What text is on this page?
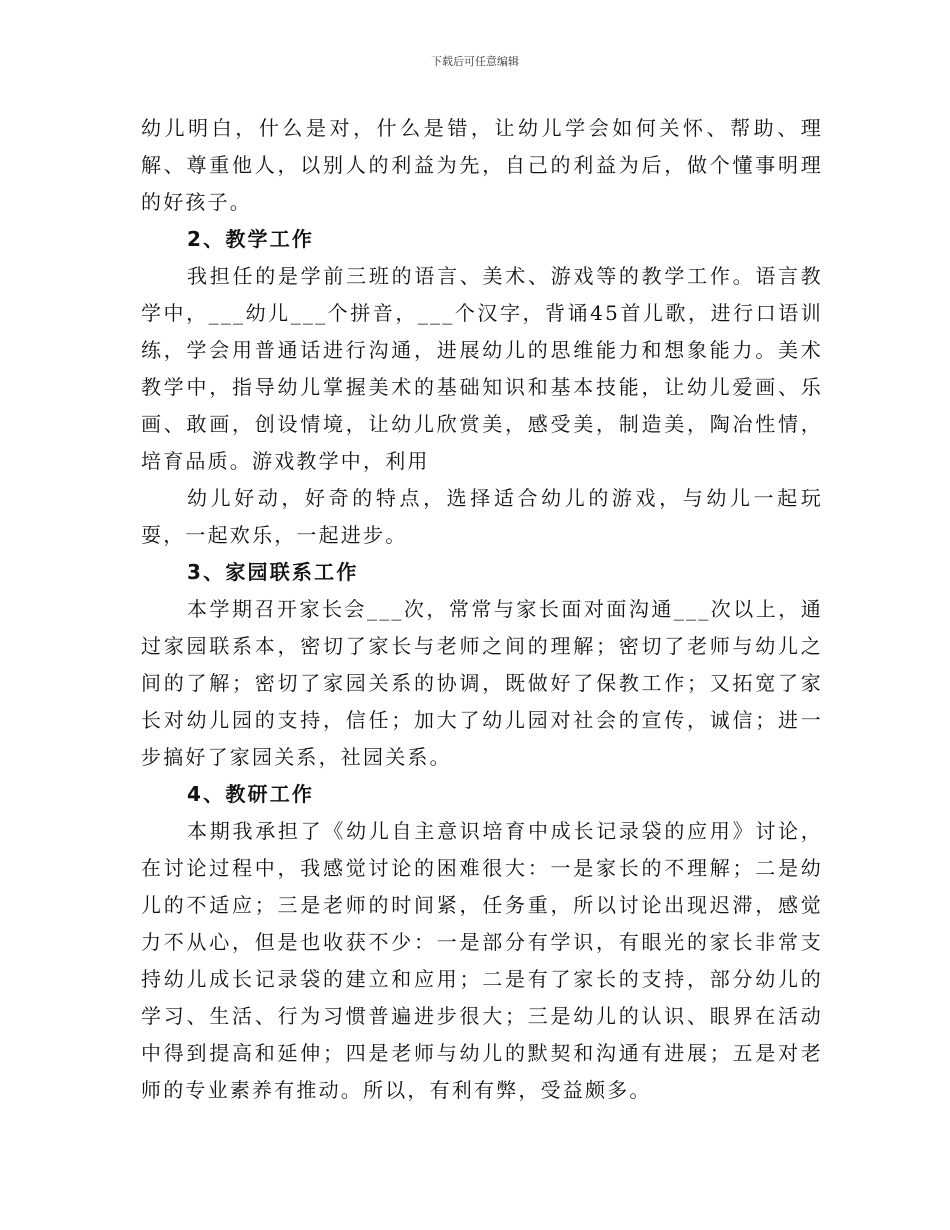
下载后可任意编辑

幼儿明白，什么是对，什么是错，让幼儿学会如何关怀、帮助、理解、尊重他人，以别人的利益为先，自己的利益为后，做个懂事明理的好孩子。

2、教学工作

我担任的是学前三班的语言、美术、游戏等的教学工作。语言教学中，___幼儿___个拼音，___个汉字，背诵45首儿歌，进行口语训练，学会用普通话进行沟通，进展幼儿的思维能力和想象能力。美术教学中，指导幼儿掌握美术的基础知识和基本技能，让幼儿爱画、乐画、敢画，创设情境，让幼儿欣赏美，感受美，制造美，陶冶性情，培育品质。游戏教学中，利用

幼儿好动，好奇的特点，选择适合幼儿的游戏，与幼儿一起玩耍，一起欢乐，一起进步。

3、家园联系工作

本学期召开家长会___次，常常与家长面对面沟通___次以上，通过家园联系本，密切了家长与老师之间的理解；密切了老师与幼儿之间的了解；密切了家园关系的协调，既做好了保教工作；又拓宽了家长对幼儿园的支持，信任；加大了幼儿园对社会的宣传，诚信；进一步搞好了家园关系，社园关系。

4、教研工作

本期我承担了《幼儿自主意识培育中成长记录袋的应用》讨论，在讨论过程中，我感觉讨论的困难很大：一是家长的不理解；二是幼儿的不适应；三是老师的时间紧，任务重，所以讨论出现迟滞，感觉力不从心，但是也收获不少：一是部分有学识，有眼光的家长非常支持幼儿成长记录袋的建立和应用；二是有了家长的支持，部分幼儿的学习、生活、行为习惯普遍进步很大；三是幼儿的认识、眼界在活动中得到提高和延伸；四是老师与幼儿的默契和沟通有进展；五是对老师的专业素养有推动。所以，有利有弊，受益颇多。
